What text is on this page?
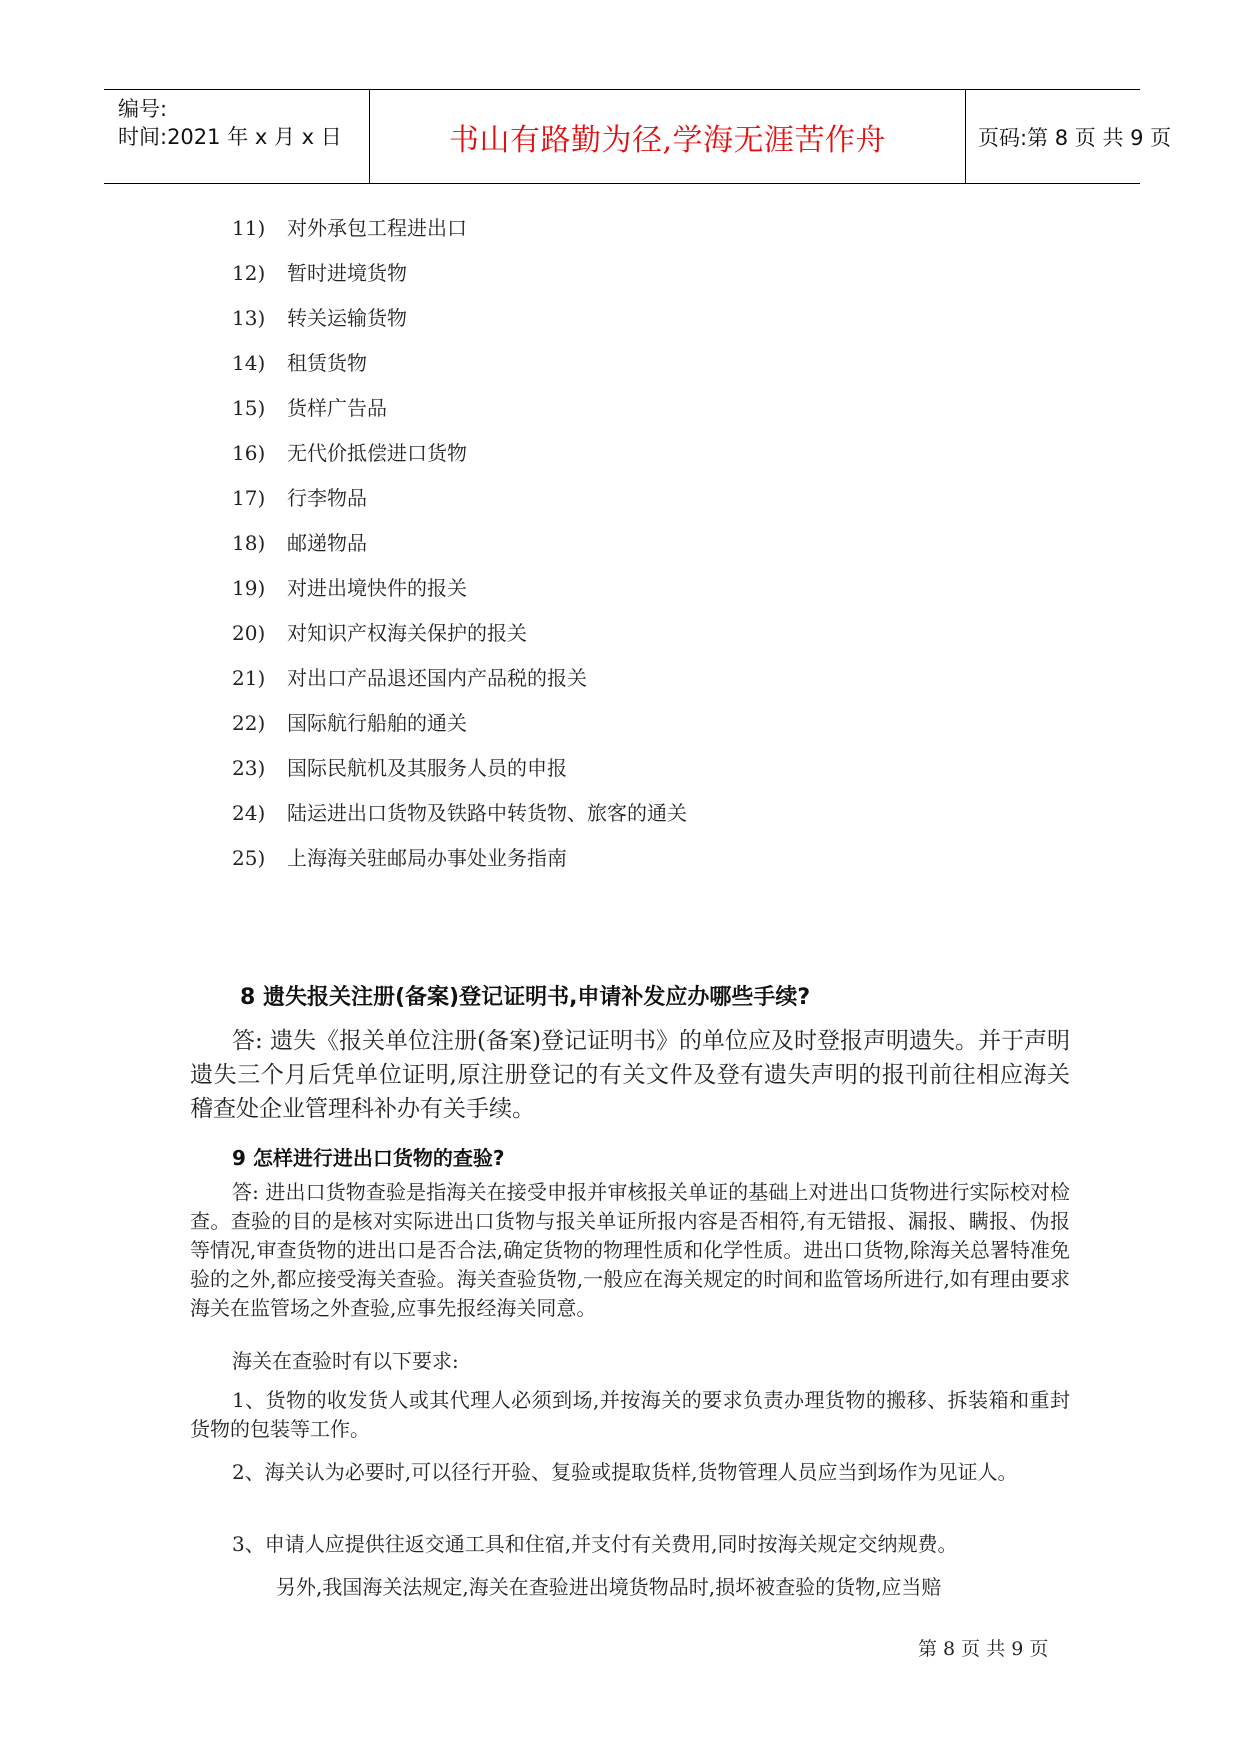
编号:
时间:2021 年 x 月 x 日	书山有路勤为径,学海无涯苦作舟	页码:第 8 页 共 9 页
11) 对外承包工程进出口
12) 暂时进境货物
13) 转关运输货物
14) 租赁货物
15) 货样广告品
16) 无代价抵偿进口货物
17) 行李物品
18) 邮递物品
19) 对进出境快件的报关
20) 对知识产权海关保护的报关
21) 对出口产品退还国内产品税的报关
22) 国际航行船舶的通关
23) 国际民航机及其服务人员的申报
24) 陆运进出口货物及铁路中转货物、旅客的通关
25) 上海海关驻邮局办事处业务指南
8 遗失报关注册(备案)登记证明书,申请补发应办哪些手续?
答: 遗失《报关单位注册(备案)登记证明书》的单位应及时登报声明遗失。并于声明遗失三个月后凭单位证明,原注册登记的有关文件及登有遗失声明的报刊前往相应海关稽查处企业管理科补办有关手续。
9 怎样进行进出口货物的查验?
答: 进出口货物查验是指海关在接受申报并审核报关单证的基础上对进出口货物进行实际校对检查。查验的目的是核对实际进出口货物与报关单证所报内容是否相符,有无错报、漏报、瞒报、伪报等情况,审查货物的进出口是否合法,确定货物的物理性质和化学性质。进出口货物,除海关总署特准免验的之外,都应接受海关查验。海关查验货物,一般应在海关规定的时间和监管场所进行,如有理由要求海关在监管场之外查验,应事先报经海关同意。
海关在查验时有以下要求:
1、货物的收发货人或其代理人必须到场,并按海关的要求负责办理货物的搬移、拆装箱和重封货物的包装等工作。
2、海关认为必要时,可以径行开验、复验或提取货样,货物管理人员应当到场作为见证人。
3、申请人应提供往返交通工具和住宿,并支付有关费用,同时按海关规定交纳规费。
另外,我国海关法规定,海关在查验进出境货物品时,损坏被查验的货物,应当赔
第 8 页 共 9 页
